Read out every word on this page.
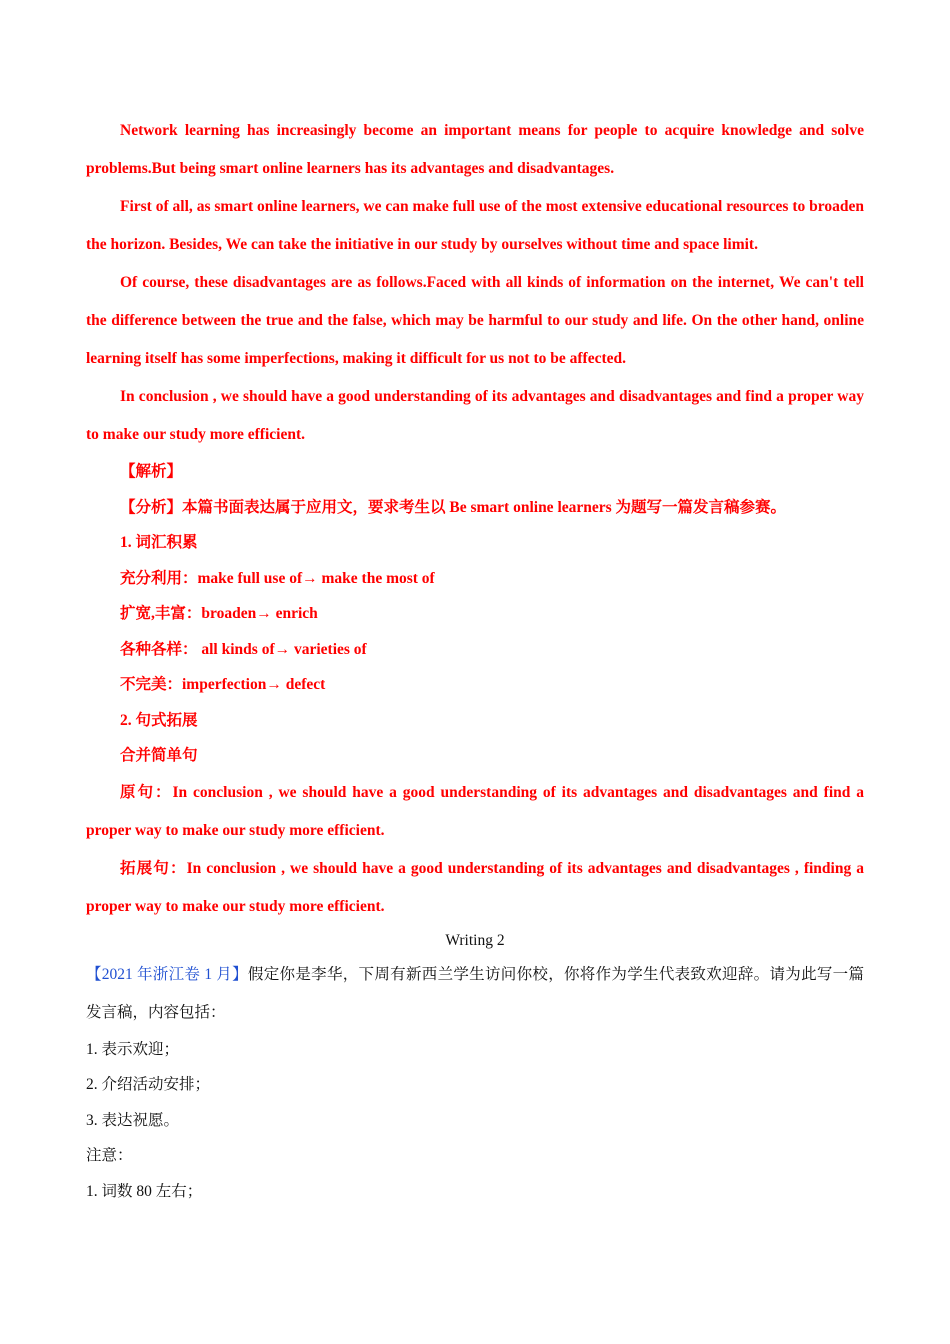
Network learning has increasingly become an important means for people to acquire knowledge and solve problems.But being smart online learners has its advantages and disadvantages.

First of all, as smart online learners, we can make full use of the most extensive educational resources to broaden the horizon. Besides, We can take the initiative in our study by ourselves without time and space limit.

Of course, these disadvantages are as follows.Faced with all kinds of information on the internet, We can't tell the difference between the true and the false, which may be harmful to our study and life. On the other hand, online learning itself has some imperfections, making it difficult for us not to be affected.

In conclusion , we should have a good understanding of its advantages and disadvantages and find a proper way to make our study more efficient.

【解析】

【分析】本篇书面表达属于应用文，要求考生以 Be smart online learners 为题写一篇发言稿参赛。

1. 词汇积累

充分利用：make full use of→ make the most of

扩宽,丰富：broaden→ enrich

各种各样： all kinds of→ varieties of

不完美：imperfection→ defect

2. 句式拓展

合并简单句

原句：In conclusion , we should have a good understanding of its advantages and disadvantages and find a proper way to make our study more efficient.

拓展句：In conclusion , we should have a good understanding of its advantages and disadvantages , finding a proper way to make our study more efficient.

Writing 2

【2021 年浙江卷 1 月】假定你是李华，下周有新西兰学生访问你校，你将作为学生代表致欢迎辞。请为此写一篇 发言稿，内容包括：

1. 表示欢迎；

2. 介绍活动安排；

3. 表达祝愿。

注意：

1. 词数 80 左右；
